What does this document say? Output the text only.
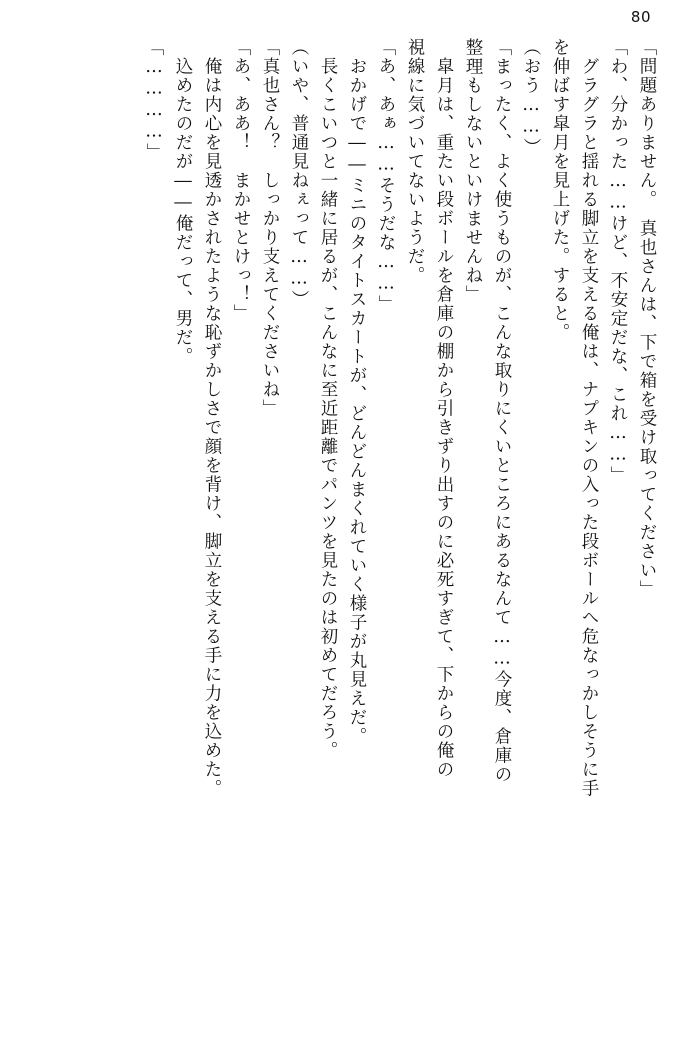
80
「問題ありません。　真也さんは、下で箱を受け取ってください」
「わ、分かった……けど、不安定だな、これ……」
　グラグラと揺れる脚立を支える俺は、ナプキンの入った段ボールへ危なっかしそうに手
を伸ばす皐月を見上げた。すると。
（おう……）
「まったく、よく使うものが、こんな取りにくいところにあるなんて……今度、倉庫の
整理もしないといけませんね」
　皐月は、重たい段ボールを倉庫の棚から引きずり出すのに必死すぎて、下からの俺の
視線に気づいてないようだ。
「あ、あぁ……そうだな……」
　おかげで――ミニのタイトスカートが、どんどんまくれていく様子が丸見えだ。
　長くこいつと一緒に居るが、こんなに至近距離でパンツを見たのは初めてだろう。
（いや、普通見ねぇって……）
「真也さん？　しっかり支えてくださいね」
「あ、ああ！　まかせとけっ！」
　俺は内心を見透かされたような恥ずかしさで顔を背け、脚立を支える手に力を込めた。
　込めたのだが――俺だって、男だ。
「…………」
